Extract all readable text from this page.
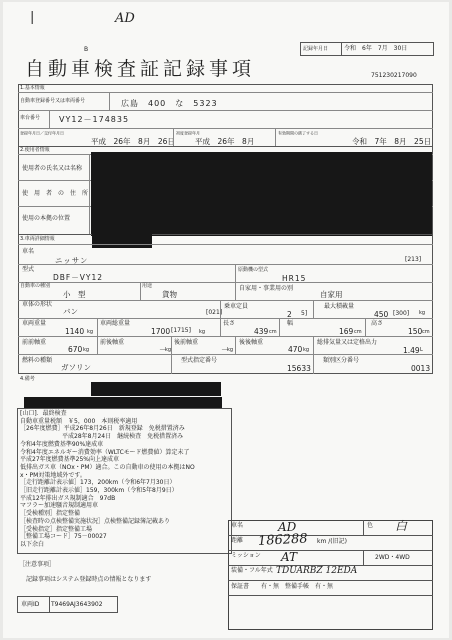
|	AD
B
自動車検査証記録事項
記録年月日	令和　6年　7月　30日
751230217090
1.基本情報
自動車登録番号又は車両番号	広島　400　な　5323
車台番号 VY12－174835
登録年月日／交付年月日
平成　26年　8月　26日
初度登録年月
平成　26年　8月
有効期間の満了する日
令和　7年　8月　25日
2.使用者情報
使用者の氏名又は名称
使　用　者　の　住　所
使用の本拠の位置
3.車両詳細情報
車名
ニッサン	[213]
型式
DBF－VY12
原動機の型式
HR15
自動車の種別
小　型
用途
貨物
自家用・事業用の別
自家用
車体の形状
バン	[021]
乗車定員
2 5]
最大積載量
450 [300] kg
車両重量
1140 kg
車両総重量
1700 [1715] kg
長さ
439 cm
幅
169 cm
高さ
150 cm
前前軸重
670 kg
前後軸重
－
kg
後前軸重
－
kg
後後軸重
470 kg
総排気量又は定格出力
1.49 L
燃料の種類
ガソリン
型式指定番号
15633
類別区分番号
0013
4.備考
車名	AD	色 白
距離 186288 km /(旧記)
ミッション AT	2WD・4WD
装備・フル年式 TDUARBZ 12EDA
保証書 有・無　整備手帳　有・無
［注意事項］
記録事項はシステム登録時点の情報となります
車両ID T9469AJ3643902
[山口]．最終検査
自動車重量税額　￥5，000　本則税率適用
［26年度燃費］平成26年8月26日　新規登録　免税措置済み
　　　　　　　平成28年8月24日　継続検査　免税措置済み
令和4年度燃費基準90%達成車
令和4年度エネルギー消費効率（WLTCモード燃費値）算定未了
平成27年度燃費基準25%向上達成車
低排出ガス車（NOx・PM）適合。この自動車の使用の本拠はNO
x・PM対策地域外です。
［走行距離計表示値］173，200km（令和6年7月30日）
［旧走行距離計表示値］159，300km（令和5年8月9日）
平成12年排出ガス規制適合　97dB
マフラー加速騒音規制適用車
［受検種別］指定整備
［検査時の点検整備実施状況］点検整備記録簿記載あり
［受検指定］指定整備工場
［整備工場コード］75－00027
以下余白
